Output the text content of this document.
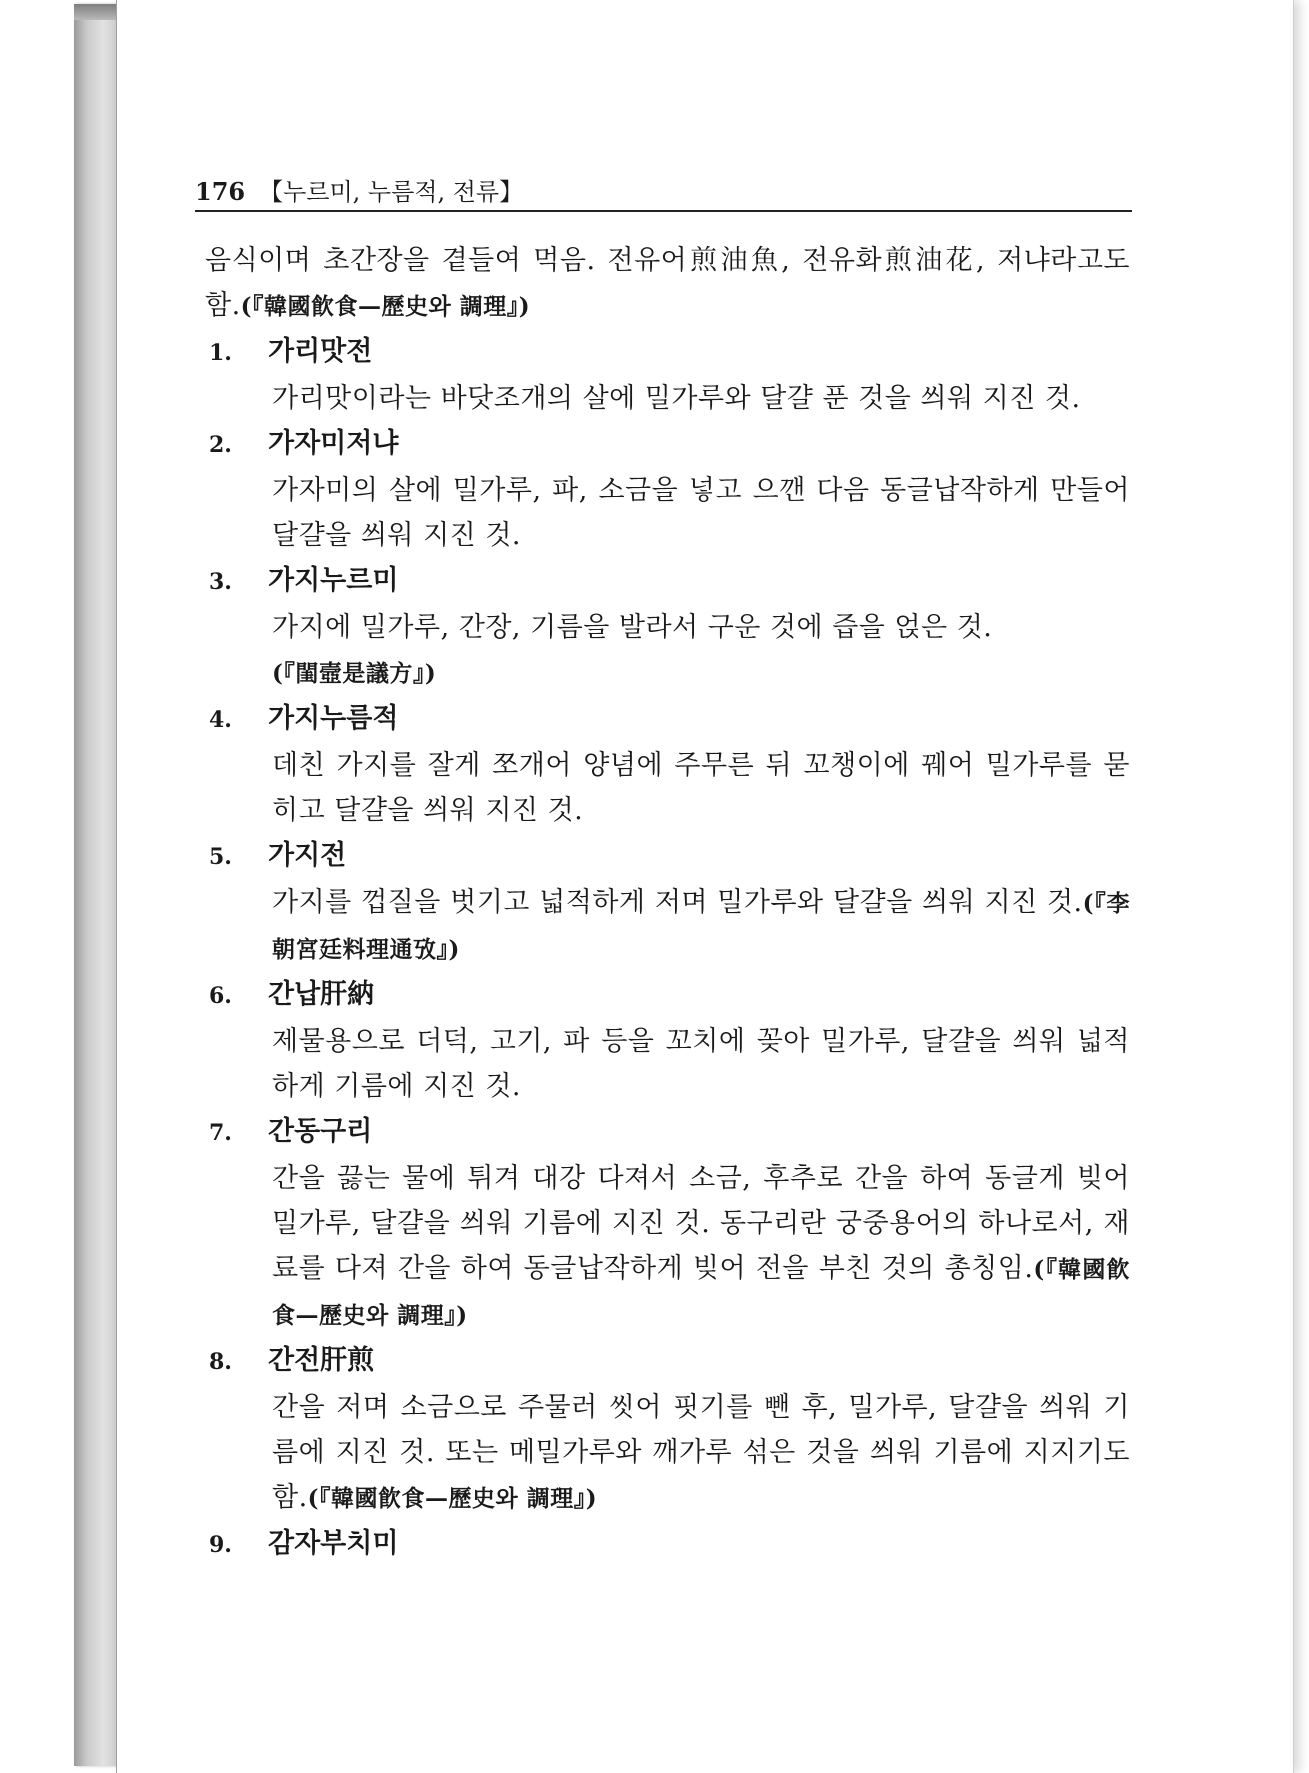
176 【누르미, 누름적, 전류】

음식이며 초간장을 곁들여 먹음. 전유어煎油魚, 전유화煎油花, 저냐라고도 함.(『韓國飮食—歷史와 調理』)

1. 가리맛전
가리맛이라는 바닷조개의 살에 밀가루와 달걀 푼 것을 씌워 지진 것.
2. 가자미저냐
가자미의 살에 밀가루, 파, 소금을 넣고 으깬 다음 동글납작하게 만들어 달걀을 씌워 지진 것.
3. 가지누르미
가지에 밀가루, 간장, 기름을 발라서 구운 것에 즙을 얹은 것.
(『閨壼是議方』)
4. 가지누름적
데친 가지를 잘게 쪼개어 양념에 주무른 뒤 꼬챙이에 꿰어 밀가루를 묻히고 달걀을 씌워 지진 것.
5. 가지전
가지를 껍질을 벗기고 넓적하게 저며 밀가루와 달걀을 씌워 지진 것.(『李朝宮廷料理通攷』)
6. 간납肝納
제물용으로 더덕, 고기, 파 등을 꼬치에 꽂아 밀가루, 달걀을 씌워 넓적하게 기름에 지진 것.
7. 간동구리
간을 끓는 물에 튀겨 대강 다져서 소금, 후추로 간을 하여 동글게 빚어 밀가루, 달걀을 씌워 기름에 지진 것. 동구리란 궁중용어의 하나로서, 재료를 다져 간을 하여 동글납작하게 빚어 전을 부친 것의 총칭임.(『韓國飮食—歷史와 調理』)
8. 간전肝煎
간을 저며 소금으로 주물러 씻어 핏기를 뺀 후, 밀가루, 달걀을 씌워 기름에 지진 것. 또는 메밀가루와 깨가루 섞은 것을 씌워 기름에 지지기도 함.(『韓國飮食—歷史와 調理』)
9. 감자부치미
